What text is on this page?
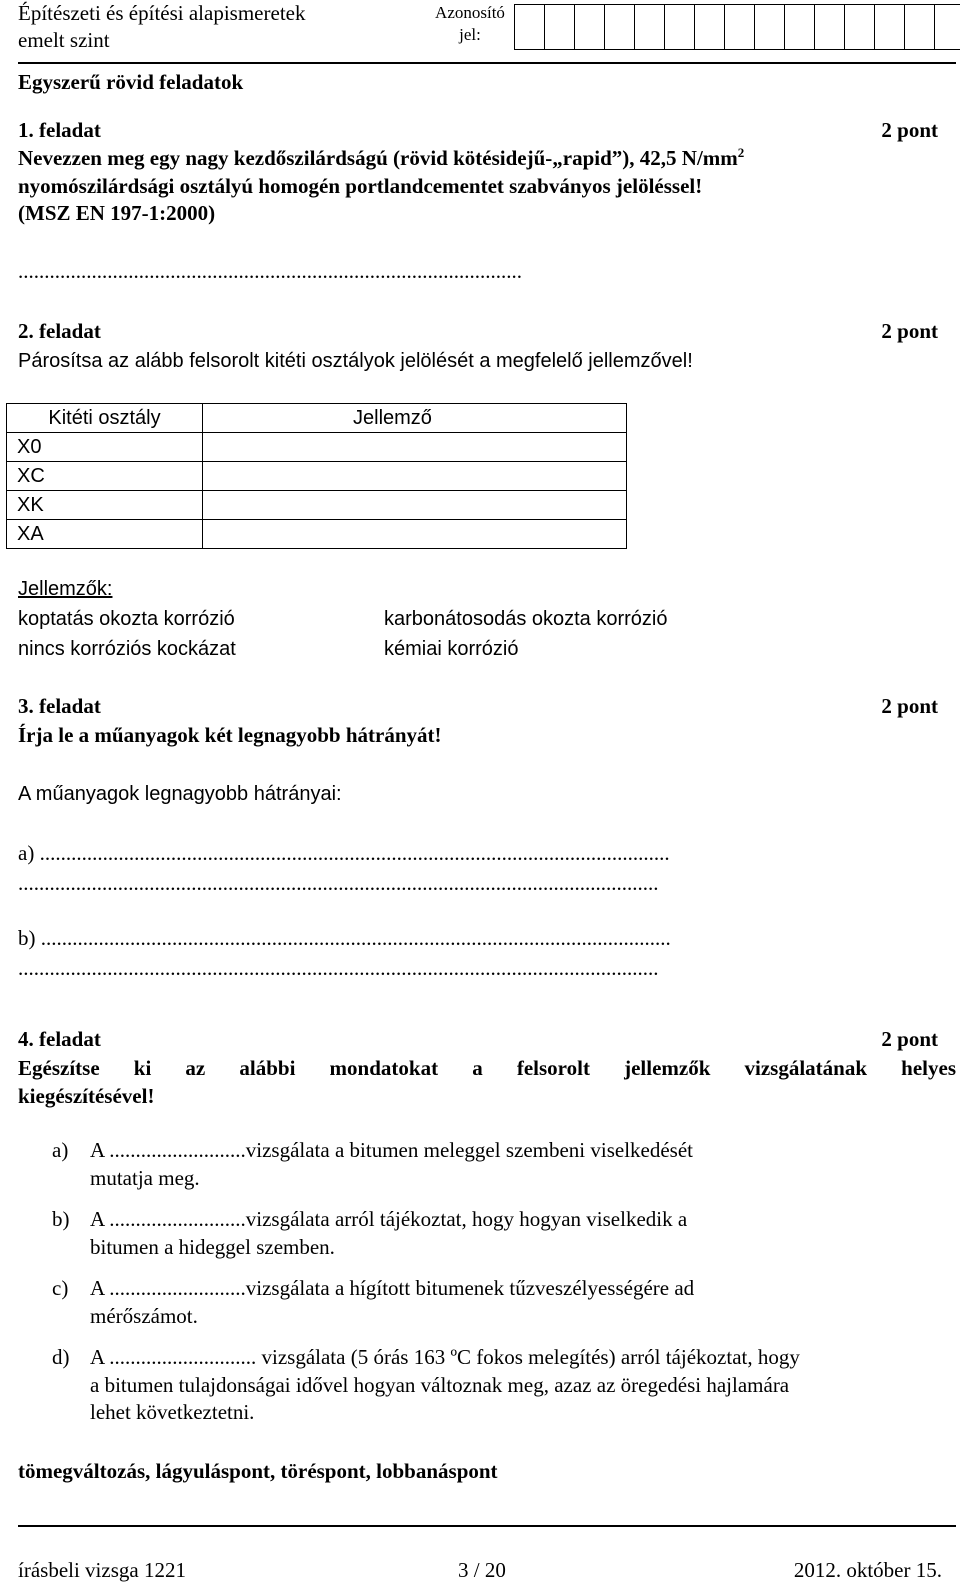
Építészeti és építési alapismeretek
emelt szint
Azonosító
jel:
Egyszerű rövid feladatok
1. feladat	2 pont
Nevezzen meg egy nagy kezdőszilárdságú (rövid kötésidejű-„rapid”), 42,5 $N/mm^2$
nyomószilárdsági osztályú homogén portlandcementet szabványos jelöléssel!
(MSZ EN 197-1:2000)
................................................................................................
2. feladat	2 pont
Párosítsa az alább felsorolt kitéti osztályok jelölését a megfelelő jellemzővel!
Kitéti osztály	Jellemző
X0	
XC	
XK	
XA	
Jellemzők:
koptatás okozta korrózió	karbonátosodás okozta korrózió
nincs korróziós kockázat	kémiai korrózió
3. feladat	2 pont
Írja le a műanyagok két legnagyobb hátrányát!
A műanyagok legnagyobb hátrányai:
a) ........................................................................................................................
..........................................................................................................................
b) ........................................................................................................................
..........................................................................................................................
4. feladat	2 pont
Egészítse ki az alábbi mondatokat a felsorolt jellemzők vizsgálatának helyes
kiegészítésével!
a) A ..........................vizsgálata a bitumen meleggel szembeni viselkedését
mutatja meg.
b) A ..........................vizsgálata arról tájékoztat, hogy hogyan viselkedik a
bitumen a hideggel szemben.
c) A ..........................vizsgálata a hígított bitumenek tűzveszélyességére ad
mérőszámot.
d) A ............................ vizsgálata (5 órás 163 ºC fokos melegítés) arról tájékoztat, hogy
a bitumen tulajdonságai idővel hogyan változnak meg, azaz az öregedési hajlamára
lehet következtetni.
tömegváltozás, lágyuláspont, töréspont, lobbanáspont
írásbeli vizsga 1221	3 / 20	2012. október 15.
